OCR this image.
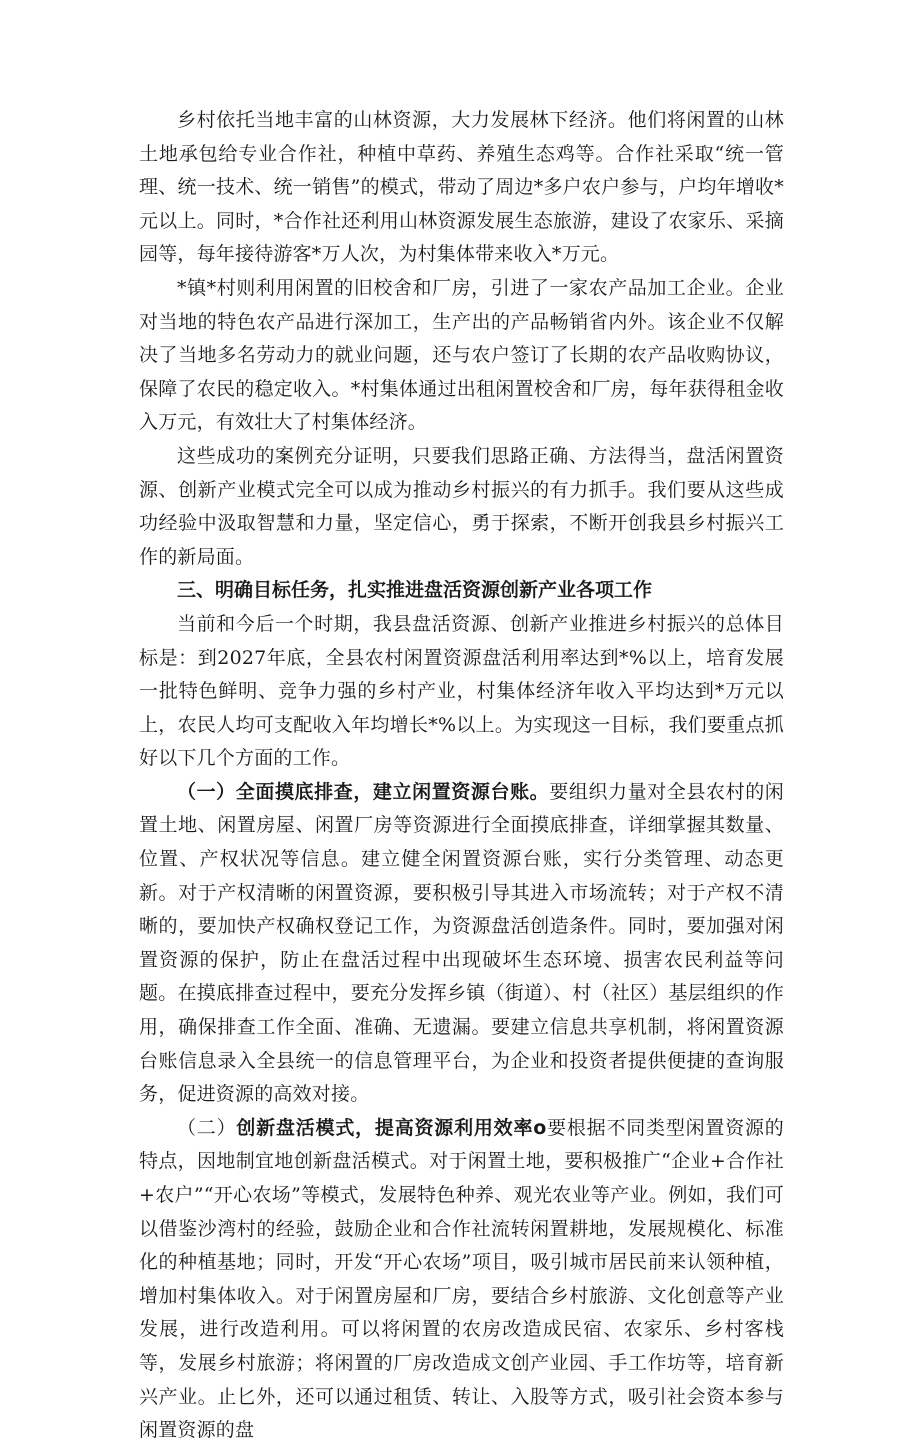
乡村依托当地丰富的山林资源，大力发展林下经济。他们将闲置的山林土地承包给专业合作社，种植中草药、养殖生态鸡等。合作社采取“统一管理、统一技术、统一销售”的模式，带动了周边*多户农户参与，户均年增收*元以上。同时，*合作社还利用山林资源发展生态旅游，建设了农家乐、采摘园等，每年接待游客*万人次，为村集体带来收入*万元。

*镇*村则利用闲置的旧校舍和厂房，引进了一家农产品加工企业。企业对当地的特色农产品进行深加工，生产出的产品畅销省内外。该企业不仅解决了当地多名劳动力的就业问题，还与农户签订了长期的农产品收购协议，保障了农民的稳定收入。*村集体通过出租闲置校舍和厂房，每年获得租金收入万元，有效壮大了村集体经济。

这些成功的案例充分证明，只要我们思路正确、方法得当，盘活闲置资源、创新产业模式完全可以成为推动乡村振兴的有力抓手。我们要从这些成功经验中汲取智慧和力量，坚定信心，勇于探索，不断开创我县乡村振兴工作的新局面。

三、明确目标任务，扎实推进盘活资源创新产业各项工作

当前和今后一个时期，我县盘活资源、创新产业推进乡村振兴的总体目标是：到2027年底，全县农村闲置资源盘活利用率达到*%以上，培育发展一批特色鲜明、竞争力强的乡村产业，村集体经济年收入平均达到*万元以上，农民人均可支配收入年均增长*%以上。为实现这一目标，我们要重点抓好以下几个方面的工作。

（一）全面摸底排查，建立闲置资源台账。要组织力量对全县农村的闲置土地、闲置房屋、闲置厂房等资源进行全面摸底排查，详细掌握其数量、位置、产权状况等信息。建立健全闲置资源台账，实行分类管理、动态更新。对于产权清晰的闲置资源，要积极引导其进入市场流转；对于产权不清晰的，要加快产权确权登记工作，为资源盘活创造条件。同时，要加强对闲置资源的保护，防止在盘活过程中出现破坏生态环境、损害农民利益等问题。在摸底排查过程中，要充分发挥乡镇（街道）、村（社区）基层组织的作用，确保排查工作全面、准确、无遗漏。要建立信息共享机制，将闲置资源台账信息录入全县统一的信息管理平台，为企业和投资者提供便捷的查询服务，促进资源的高效对接。

（二）创新盘活模式，提高资源利用效率o要根据不同类型闲置资源的特点，因地制宜地创新盘活模式。对于闲置土地，要积极推广“企业+合作社+农户”“开心农场”等模式，发展特色种养、观光农业等产业。例如，我们可以借鉴沙湾村的经验，鼓励企业和合作社流转闲置耕地，发展规模化、标准化的种植基地；同时，开发“开心农场”项目，吸引城市居民前来认领种植，增加村集体收入。对于闲置房屋和厂房，要结合乡村旅游、文化创意等产业发展，进行改造利用。可以将闲置的农房改造成民宿、农家乐、乡村客栈等，发展乡村旅游；将闲置的厂房改造成文创产业园、手工作坊等，培育新兴产业。止匕外，还可以通过租赁、转让、入股等方式，吸引社会资本参与闲置资源的盘
